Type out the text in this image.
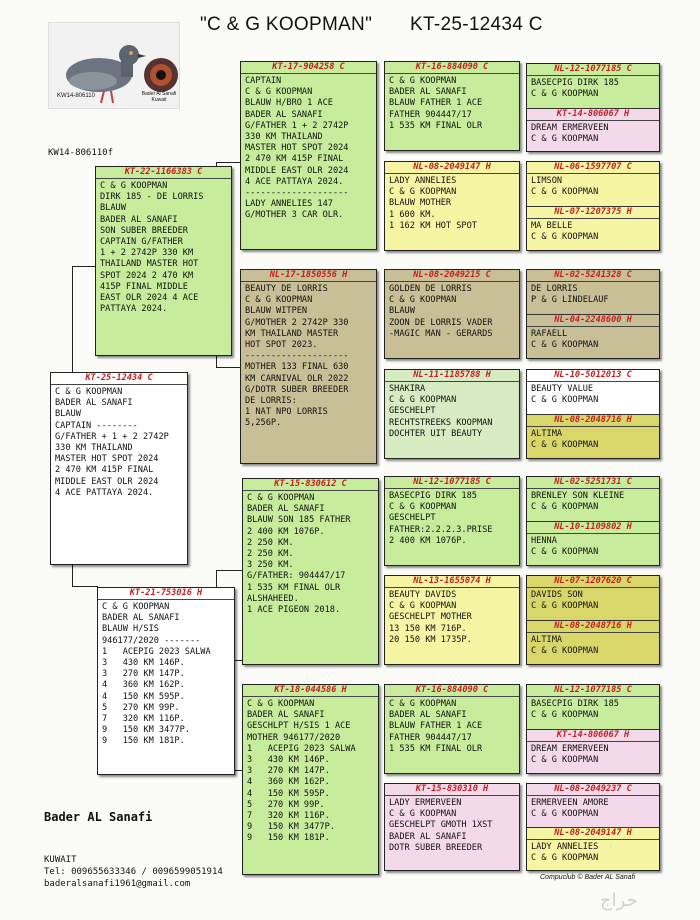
"C & G KOOPMAN" KT-25-12434 C
KW14-806110	Bader Al Sanafi
Kuwait
KW14-806110f
KT-25-12434 C
C & G KOOPMAN
BADER AL SANAFI
BLAUW
CAPTAIN --------
G/FATHER + 1 + 2 2742P
330 KM THAILAND
MASTER HOT SPOT 2024
2 470 KM 415P FINAL
MIDDLE EAST OLR 2024
4 ACE PATTAYA 2024.
KT-22-1166383 C
C & G KOOPMAN
DIRK 185 - DE LORRIS
BLAUW
BADER AL SANAFI
SON SUBER BREEDER
CAPTAIN G/FATHER
1 + 2 2742P 330 KM
THAILAND MASTER HOT
SPOT 2024 2 470 KM
415P FINAL MIDDLE
EAST OLR 2024 4 ACE
PATTAYA 2024.
KT-21-753016 H
C & G KOOPMAN
BADER AL SANAFI
BLAUW H/SIS
946177/2020 -------
1   ACEPIG 2023 SALWA
3   430 KM 146P.
3   270 KM 147P.
4   360 KM 162P.
4   150 KM 595P.
5   270 KM 99P.
7   320 KM 116P.
9   150 KM 3477P.
9   150 KM 181P.
KT-17-904258 C
CAPTAIN
C & G KOOPMAN
BLAUW H/BRO 1 ACE
BADER AL SANAFI
G/FATHER 1 + 2 2742P
330 KM THAILAND
MASTER HOT SPOT 2024
2 470 KM 415P FINAL
MIDDLE EAST OLR 2024
4 ACE PATTAYA 2024.
--------------------
LADY ANNELIES 147
G/MOTHER 3 CAR OLR.
NL-17-1850556 H
BEAUTY DE LORRIS
C & G KOOPMAN
BLAUW WITPEN
G/MOTHER 2 2742P 330
KM THAILAND MASTER
HOT SPOT 2023.
--------------------
MOTHER 133 FINAL 630
KM CARNIVAL OLR 2022
G/DOTR SUBER BREEDER
DE LORRIS:
1 NAT NPO LORRIS
5,256P.
KT-15-830612 C
C & G KOOPMAN
BADER AL SANAFI
BLAUW SON 185 FATHER
2 400 KM 1076P.
2 250 KM.
2 250 KM.
3 250 KM.
G/FATHER: 904447/17
1 535 KM FINAL OLR
ALSHAHEED.
1 ACE PIGEON 2018.
KT-18-044586 H
C & G KOOPMAN
BADER AL SANAFI
GESCHLPT H/SIS 1 ACE
MOTHER 946177/2020
1   ACEPIG 2023 SALWA
3   430 KM 146P.
3   270 KM 147P.
4   360 KM 162P.
4   150 KM 595P.
5   270 KM 99P.
7   320 KM 116P.
9   150 KM 3477P.
9   150 KM 181P.
KT-16-884090 C
C & G KOOPMAN
BADER AL SANAFI
BLAUW FATHER 1 ACE
FATHER 904447/17
1 535 KM FINAL OLR
NL-08-2049147 H
LADY ANNELIES
C & G KOOPMAN
BLAUW MOTHER
1 600 KM.
1 162 KM HOT SPOT
NL-08-2049215 C
GOLDEN DE LORRIS
C & G KOOPMAN
BLAUW
ZOON DE LORRIS VADER
-MAGIC MAN - GERARDS
NL-11-1185788 H
SHAKIRA
C & G KOOPMAN
GESCHELPT
RECHTSTREEKS KOOPMAN
DOCHTER UIT BEAUTY
NL-12-1077185 C
BASECPIG DIRK 185
C & G KOOPMAN
GESCHELPT
FATHER:2.2.2.3.PRISE
2 400 KM 1076P.
NL-13-1655074 H
BEAUTY DAVIDS
C & G KOOPMAN
GESCHELPT MOTHER
13 150 KM 716P.
20 150 KM 1735P.
KT-16-884090 C
C & G KOOPMAN
BADER AL SANAFI
BLAUW FATHER 1 ACE
FATHER 904447/17
1 535 KM FINAL OLR
KT-15-830310 H
LADY ERMERVEEN
C & G KOOPMAN
GESCHELPT GMOTH 1XST
BADER AL SANAFI
DOTR SUBER BREEDER
NL-12-1077185 C
BASECPIG DIRK 185
C & G KOOPMAN
KT-14-806067 H
DREAM ERMERVEEN
C & G KOOPMAN
NL-06-1597707 C
LIMSON
C & G KOOPMAN
NL-07-1207375 H
MA BELLE
C & G KOOPMAN
NL-02-5241328 C
DE LORRIS
P & G LINDELAUF
NL-04-2248600 H
RAFAELL
C & G KOOPMAN
NL-10-5012013 C
BEAUTY VALUE
C & G KOOPMAN
NL-08-2048716 H
ALTIMA
C & G KOOPMAN
NL-02-5251731 C
BRENLEY SON KLEINE
C & G KOOPMAN
NL-10-1109802 H
HENNA
C & G KOOPMAN
NL-07-1207620 C
DAVIDS SON
C & G KOOPMAN
NL-08-2048716 H
ALTIMA
C & G KOOPMAN
NL-12-1077185 C
BASECPIG DIRK 185
C & G KOOPMAN
KT-14-806067 H
DREAM ERMERVEEN
C & G KOOPMAN
NL-08-2049237 C
ERMERVEEN AMORE
C & G KOOPMAN
NL-08-2049147 H
LADY ANNELIES
C & G KOOPMAN
Bader AL Sanafi
KUWAIT
Tel: 009655633346 / 0096599051914
baderalsanafi1961@gmail.com
Compuclub © Bader AL Sanafi
حراج
